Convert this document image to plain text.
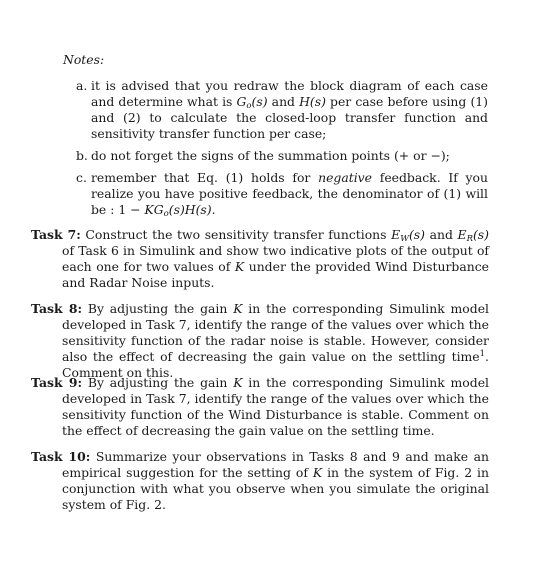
Notes:
a. it is advised that you redraw the block diagram of each case and determine what is $G_o(s)$ and H(s) per case before using (1) and (2) to calculate the closed-loop transfer function and sensitivity transfer function per case;
b. do not forget the signs of the summation points (+ or −);
c. remember that Eq. (1) holds for negative feedback. If you realize you have positive feedback, the denominator of (1) will be : $1 - KG_o(s)H(s)$.
Task 7: Construct the two sensitivity transfer functions $E_W(s)$ and $E_R(s)$ of Task 6 in Simulink and show two indicative plots of the output of each one for two values of K under the provided Wind Disturbance and Radar Noise inputs.
Task 8: By adjusting the gain K in the corresponding Simulink model developed in Task 7, identify the range of the values over which the sensitivity function of the radar noise is stable. However, consider also the effect of decreasing the gain value on the settling time$^1$. Comment on this.
Task 9: By adjusting the gain K in the corresponding Simulink model developed in Task 7, identify the range of the values over which the sensitivity function of the Wind Disturbance is stable. Comment on the effect of decreasing the gain value on the settling time.
Task 10: Summarize your observations in Tasks 8 and 9 and make an empirical suggestion for the setting of K in the system of Fig. 2 in conjunction with what you observe when you simulate the original system of Fig. 2.
